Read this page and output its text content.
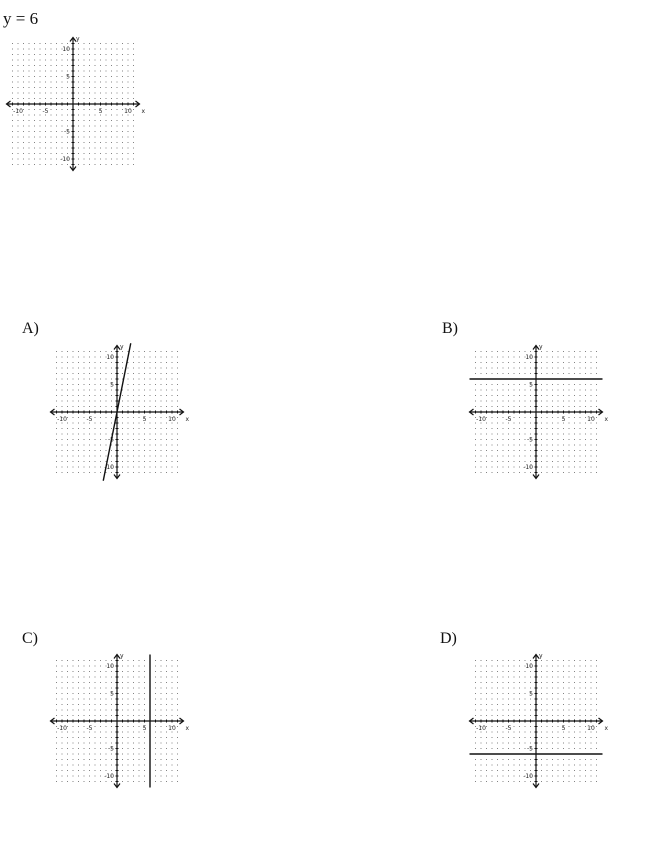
y = 6
-10	-5	5	10
10
5
-5
-10
x
y
A)
-10	-5	5	10
10
5
-5
-10
x
y
B)
-10	-5	5	10
10
5
-5
-10
x
y
C)
-10	-5	5	10
10
5
-5
-10
x
y
D)
-10	-5	5	10
10
5
-5
-10
x
y
